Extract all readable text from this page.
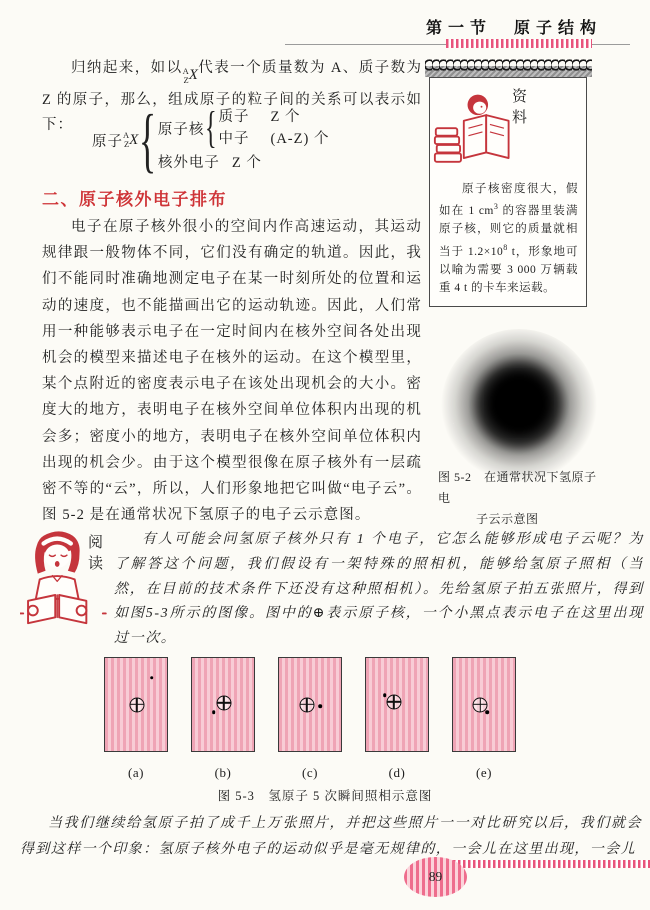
第一节　原子结构

归纳起来，如以 A
Z X 代表一个质量数为 A、质子数为 Z 的原子，那么，组成原子的粒子间的关系可以表示如下：

原子 A
Z X { 原子核 { 质子	Z 个
中子	(A-Z) 个
核外电子 Z 个
二、原子核外电子排布

电子在原子核外很小的空间内作高速运动，其运动规律跟一般物体不同，它们没有确定的轨道。因此，我们不能同时准确地测定电子在某一时刻所处的位置和运动的速度，也不能描画出它的运动轨迹。因此，人们常用一种能够表示电子在一定时间内在核外空间各处出现机会的模型来描述电子在核外的运动。在这个模型里，某个点附近的密度表示电子在该处出现机会的大小。密度大的地方，表明电子在核外空间单位体积内出现的机会多；密度小的地方，表明电子在核外空间单位体积内出现的机会少。由于这个模型很像在原子核外有一层疏密不等的“云”，所以，人们形象地把它叫做“电子云”。图 5-2 是在通常状况下氢原子的电子云示意图。

资料

原子核密度很大，假如在 1 $cm^3$ 的容器里装满原子核，则它的质量就相当于 $1.2\times 10^8$ t，形象地可以喻为需要 3 000 万辆载重 4 t 的卡车来运载。

图 5-2　在通常状况下氢原子电
子云示意图
阅读	有人可能会问氢原子核外只有 1 个电子，它怎么能够形成电子云呢？为了解答这个问题，我们假设有一架特殊的照相机，能够给氢原子照相（当然，在目前的技术条件下还没有这种照相机）。先给氢原子拍五张照片，得到如图5-3所示的图像。图中的⊕表示原子核，一个小黑点表示电子在这里出现过一次。

(a)	(b)	(c)	(d)	(e)
图 5-3　氢原子 5 次瞬间照相示意图

当我们继续给氢原子拍了成千上万张照片，并把这些照片一一对比研究以后，我们就会得到这样一个印象：氢原子核外电子的运动似乎是毫无规律的，一会儿在这里出现，一会儿

89
